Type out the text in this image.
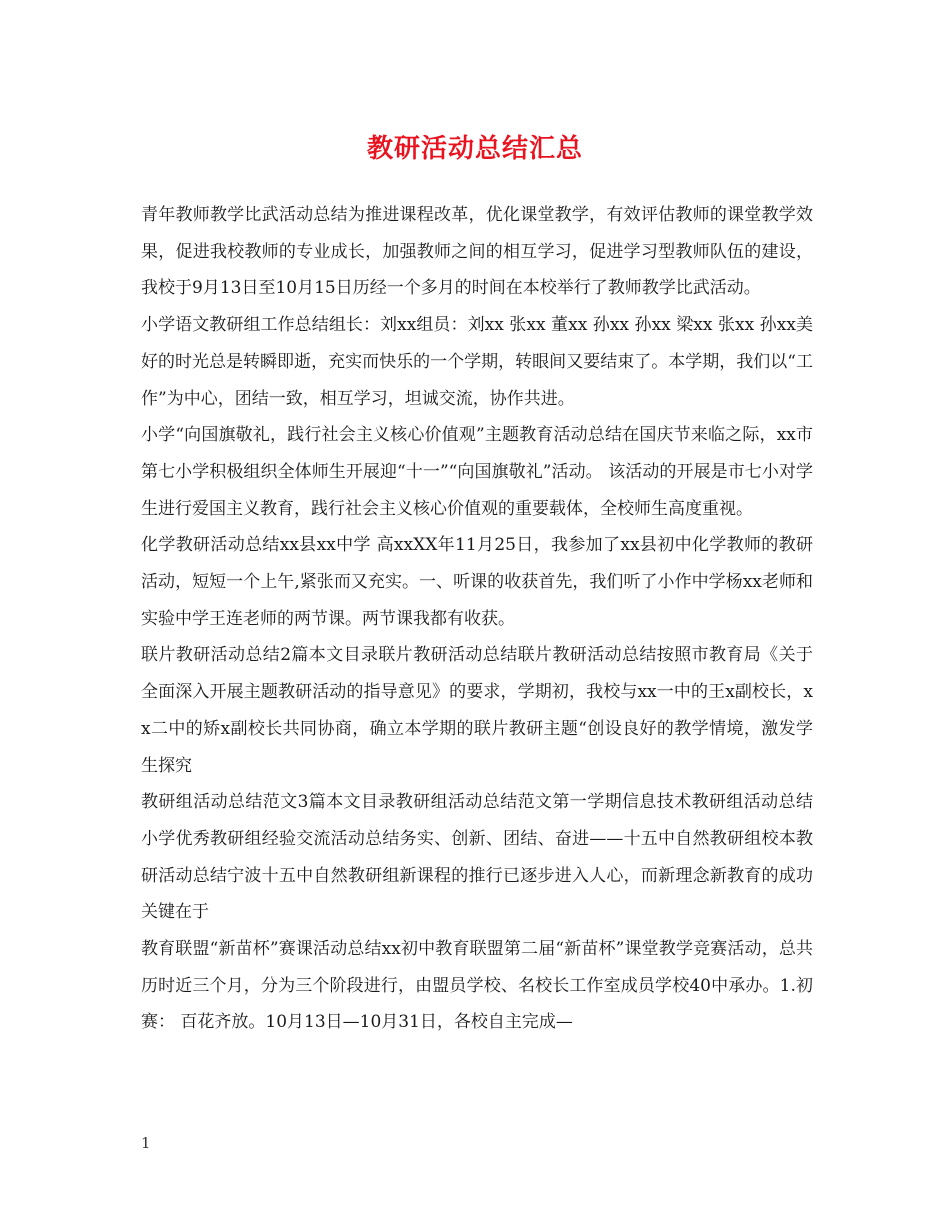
教研活动总结汇总

青年教师教学比武活动总结为推进课程改革，优化课堂教学，有效评估教师的课堂教学效果，促进我校教师的专业成长，加强教师之间的相互学习，促进学习型教师队伍的建设，我校于9月13日至10月15日历经一个多月的时间在本校举行了教师教学比武活动。

小学语文教研组工作总结组长：刘xx组员：刘xx 张xx 董xx 孙xx 孙xx 梁xx 张xx 孙xx美好的时光总是转瞬即逝，充实而快乐的一个学期，转眼间又要结束了。本学期，我们以“工作”为中心，团结一致，相互学习，坦诚交流，协作共进。

小学“向国旗敬礼，践行社会主义核心价值观”主题教育活动总结在国庆节来临之际，xx市第七小学积极组织全体师生开展迎“十一”“向国旗敬礼”活动。 该活动的开展是市七小对学生进行爱国主义教育，践行社会主义核心价值观的重要载体，全校师生高度重视。

化学教研活动总结xx县xx中学 高xxXX年11月25日，我参加了xx县初中化学教师的教研活动，短短一个上午,紧张而又充实。一、听课的收获首先，我们听了小作中学杨xx老师和实验中学王连老师的两节课。两节课我都有收获。

联片教研活动总结2篇本文目录联片教研活动总结联片教研活动总结按照市教育局《关于全面深入开展主题教研活动的指导意见》的要求，学期初，我校与xx一中的王x副校长，xx二中的矫x副校长共同协商，确立本学期的联片教研主题“创设良好的教学情境，激发学生探究

教研组活动总结范文3篇本文目录教研组活动总结范文第一学期信息技术教研组活动总结小学优秀教研组经验交流活动总结务实、创新、团结、奋进——十五中自然教研组校本教研活动总结宁波十五中自然教研组新课程的推行已逐步进入人心，而新理念新教育的成功关键在于

教育联盟“新苗杯”赛课活动总结xx初中教育联盟第二届“新苗杯”课堂教学竞赛活动，总共历时近三个月，分为三个阶段进行，由盟员学校、名校长工作室成员学校40中承办。1.初赛： 百花齐放。10月13日—10月31日，各校自主完成—

1
